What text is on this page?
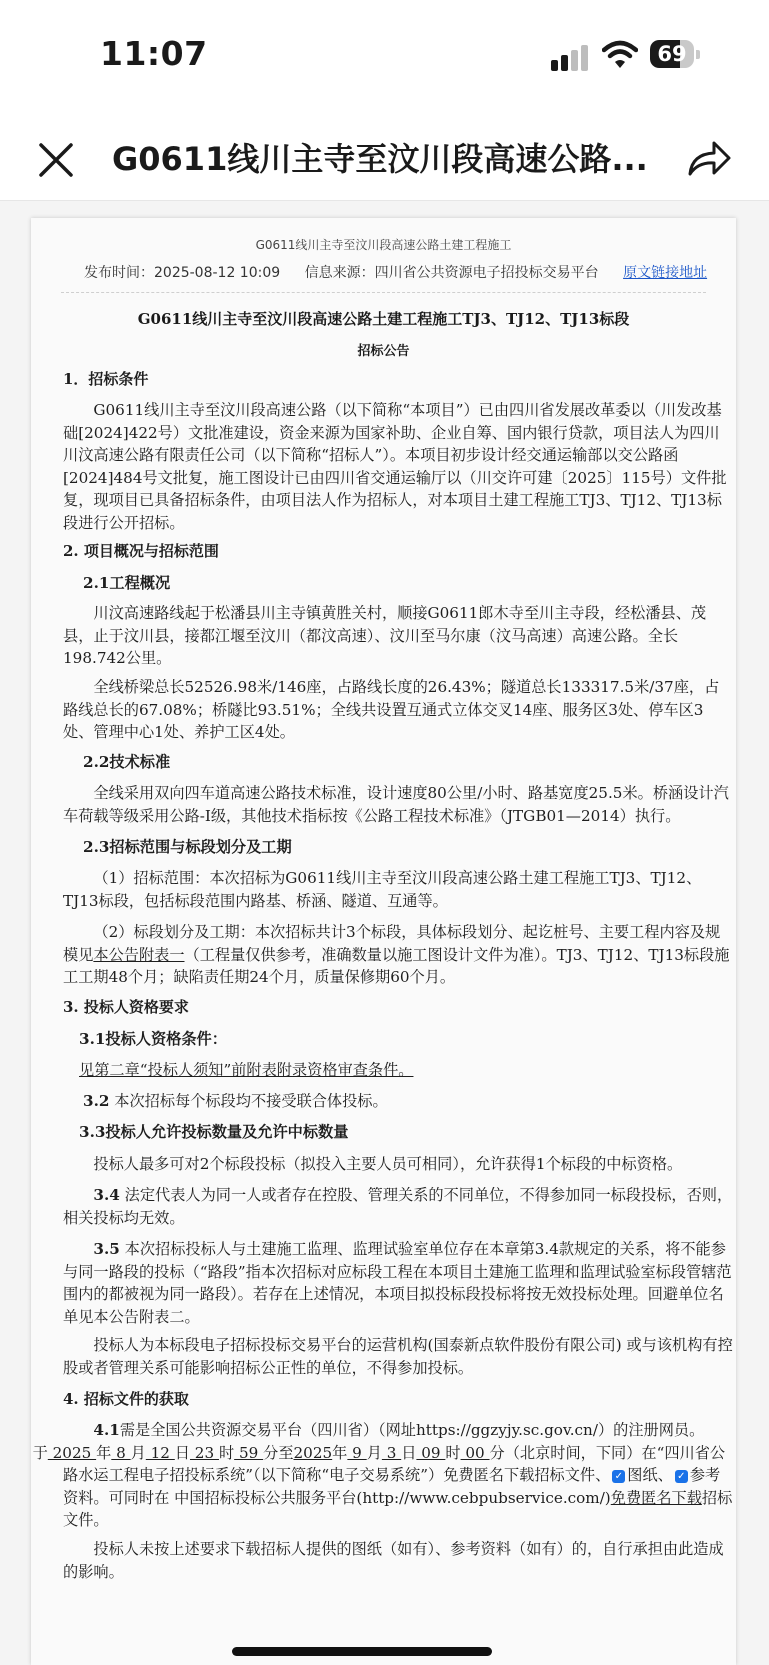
11:07	69
G0611线川主寺至汶川段高速公路...
G0611线川主寺至汶川段高速公路土建工程施工
发布时间：2025-08-12 10:09 信息来源：四川省公共资源电子招投标交易平台 原文链接地址
G0611线川主寺至汶川段高速公路土建工程施工TJ3、TJ12、TJ13标段
招标公告

1．招标条件

G0611线川主寺至汶川段高速公路（以下简称“本项目”）已由四川省发展改革委以（川发改基础[2024]422号）文批准建设，资金来源为国家补助、企业自筹、国内银行贷款，项目法人为四川川汶高速公路有限责任公司（以下简称“招标人”）。本项目初步设计经交通运输部以交公路函[2024]484号文批复，施工图设计已由四川省交通运输厅以（川交许可建〔2025〕115号）文件批复，现项目已具备招标条件，由项目法人作为招标人，对本项目土建工程施工TJ3、TJ12、TJ13标段进行公开招标。

2. 项目概况与招标范围

2.1工程概况

川汶高速路线起于松潘县川主寺镇黄胜关村，顺接G0611郎木寺至川主寺段，经松潘县、茂县，止于汶川县，接都江堰至汶川（都汶高速）、汶川至马尔康（汶马高速）高速公路。全长198.742公里。

全线桥梁总长52526.98米/146座，占路线长度的26.43%；隧道总长133317.5米/37座，占路线总长的67.08%；桥隧比93.51%；全线共设置互通式立体交叉14座、服务区3处、停车区3处、管理中心1处、养护工区4处。

2.2技术标准

全线采用双向四车道高速公路技术标准，设计速度80公里/小时、路基宽度25.5米。桥涵设计汽车荷载等级采用公路-I级，其他技术指标按《公路工程技术标准》（JTGB01—2014）执行。

2.3招标范围与标段划分及工期

（1）招标范围：本次招标为G0611线川主寺至汶川段高速公路土建工程施工TJ3、TJ12、TJ13标段，包括标段范围内路基、桥涵、隧道、互通等。

（2）标段划分及工期：本次招标共计3个标段，具体标段划分、起讫桩号、主要工程内容及规模见本公告附表一（工程量仅供参考，准确数量以施工图设计文件为准）。TJ3、TJ12、TJ13标段施工工期48个月；缺陷责任期24个月，质量保修期60个月。

3. 投标人资格要求

3.1投标人资格条件：

见第二章“投标人须知”前附表附录资格审查条件。

3.2 本次招标每个标段均不接受联合体投标。

3.3投标人允许投标数量及允许中标数量

投标人最多可对2个标段投标（拟投入主要人员可相同），允许获得1个标段的中标资格。

3.4 法定代表人为同一人或者存在控股、管理关系的不同单位，不得参加同一标段投标，否则，相关投标均无效。

3.5 本次招标投标人与土建施工监理、监理试验室单位存在本章第3.4款规定的关系，将不能参与同一路段的投标（“路段”指本次招标对应标段工程在本项目土建施工监理和监理试验室标段管辖范围内的都被视为同一路段）。若存在上述情况，本项目拟投标段投标将按无效投标处理。回避单位名单见本公告附表二。

投标人为本标段电子招标投标交易平台的运营机构(国泰新点软件股份有限公司) 或与该机构有控股或者管理关系可能影响招标公正性的单位，不得参加投标。

4. 招标文件的获取

4.1需是全国公共资源交易平台（四川省）（网址https://ggzyjy.sc.gov.cn/）的注册网员。
于 2025 年 8 月 12 日 23 时 59 分至2025年 9 月 3 日 09 时 00 分（北京时间，下同）在“四川省公路水运工程电子招投标系统”（以下简称“电子交易系统”）免费匿名下载招标文件、 ✓ 图纸、 ✓ 参考资料。可同时在 中国招标投标公共服务平台(http://www.cebpubservice.com/)免费匿名下载招标文件。

投标人未按上述要求下载招标人提供的图纸（如有）、参考资料（如有）的，自行承担由此造成的影响。
